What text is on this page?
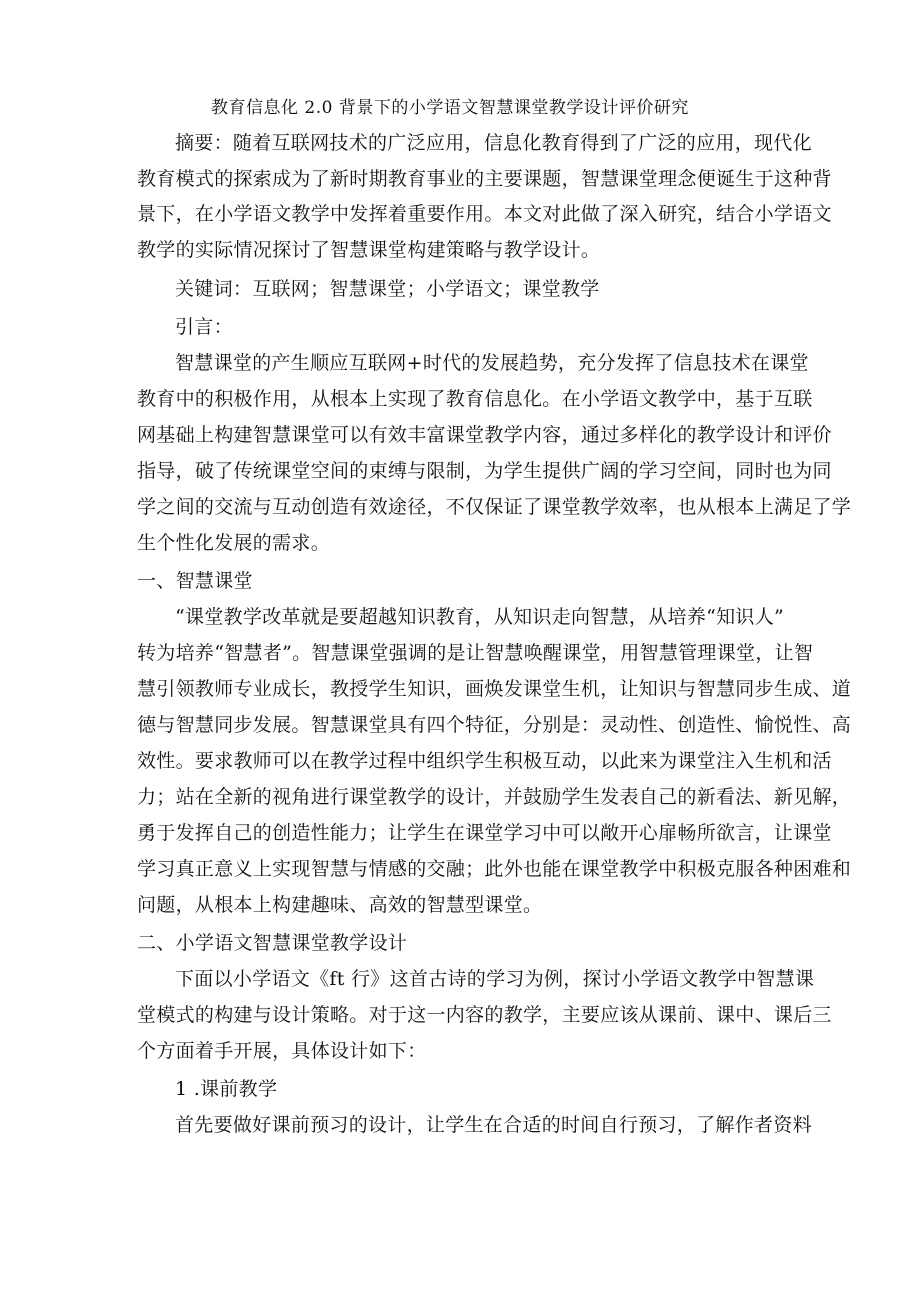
教育信息化 2.0 背景下的小学语文智慧课堂教学设计评价研究

摘要：随着互联网技术的广泛应用，信息化教育得到了广泛的应用，现代化

教育模式的探索成为了新时期教育事业的主要课题，智慧课堂理念便诞生于这种背

景下，在小学语文教学中发挥着重要作用。本文对此做了深入研究，结合小学语文

教学的实际情况探讨了智慧课堂构建策略与教学设计。

关键词：互联网；智慧课堂；小学语文；课堂教学

引言：

智慧课堂的产生顺应互联网+时代的发展趋势，充分发挥了信息技术在课堂

教育中的积极作用，从根本上实现了教育信息化。在小学语文教学中，基于互联

网基础上构建智慧课堂可以有效丰富课堂教学内容，通过多样化的教学设计和评价

指导，破了传统课堂空间的束缚与限制，为学生提供广阔的学习空间，同时也为同

学之间的交流与互动创造有效途径，不仅保证了课堂教学效率，也从根本上满足了学

生个性化发展的需求。

一、智慧课堂

“课堂教学改革就是要超越知识教育，从知识走向智慧，从培养“知识人”

转为培养“智慧者”。智慧课堂强调的是让智慧唤醒课堂，用智慧管理课堂，让智

慧引领教师专业成长，教授学生知识，画焕发课堂生机，让知识与智慧同步生成、道

德与智慧同步发展。智慧课堂具有四个特征，分别是：灵动性、创造性、愉悦性、高

效性。要求教师可以在教学过程中组织学生积极互动，以此来为课堂注入生机和活

力；站在全新的视角进行课堂教学的设计，并鼓励学生发表自己的新看法、新见解，

勇于发挥自己的创造性能力；让学生在课堂学习中可以敞开心扉畅所欲言，让课堂

学习真正意义上实现智慧与情感的交融；此外也能在课堂教学中积极克服各种困难和

问题，从根本上构建趣味、高效的智慧型课堂。

二、小学语文智慧课堂教学设计

下面以小学语文《ft 行》这首古诗的学习为例，探讨小学语文教学中智慧课

堂模式的构建与设计策略。对于这一内容的教学，主要应该从课前、课中、课后三

个方面着手开展，具体设计如下：

1 .课前教学

首先要做好课前预习的设计，让学生在合适的时间自行预习，了解作者资料
